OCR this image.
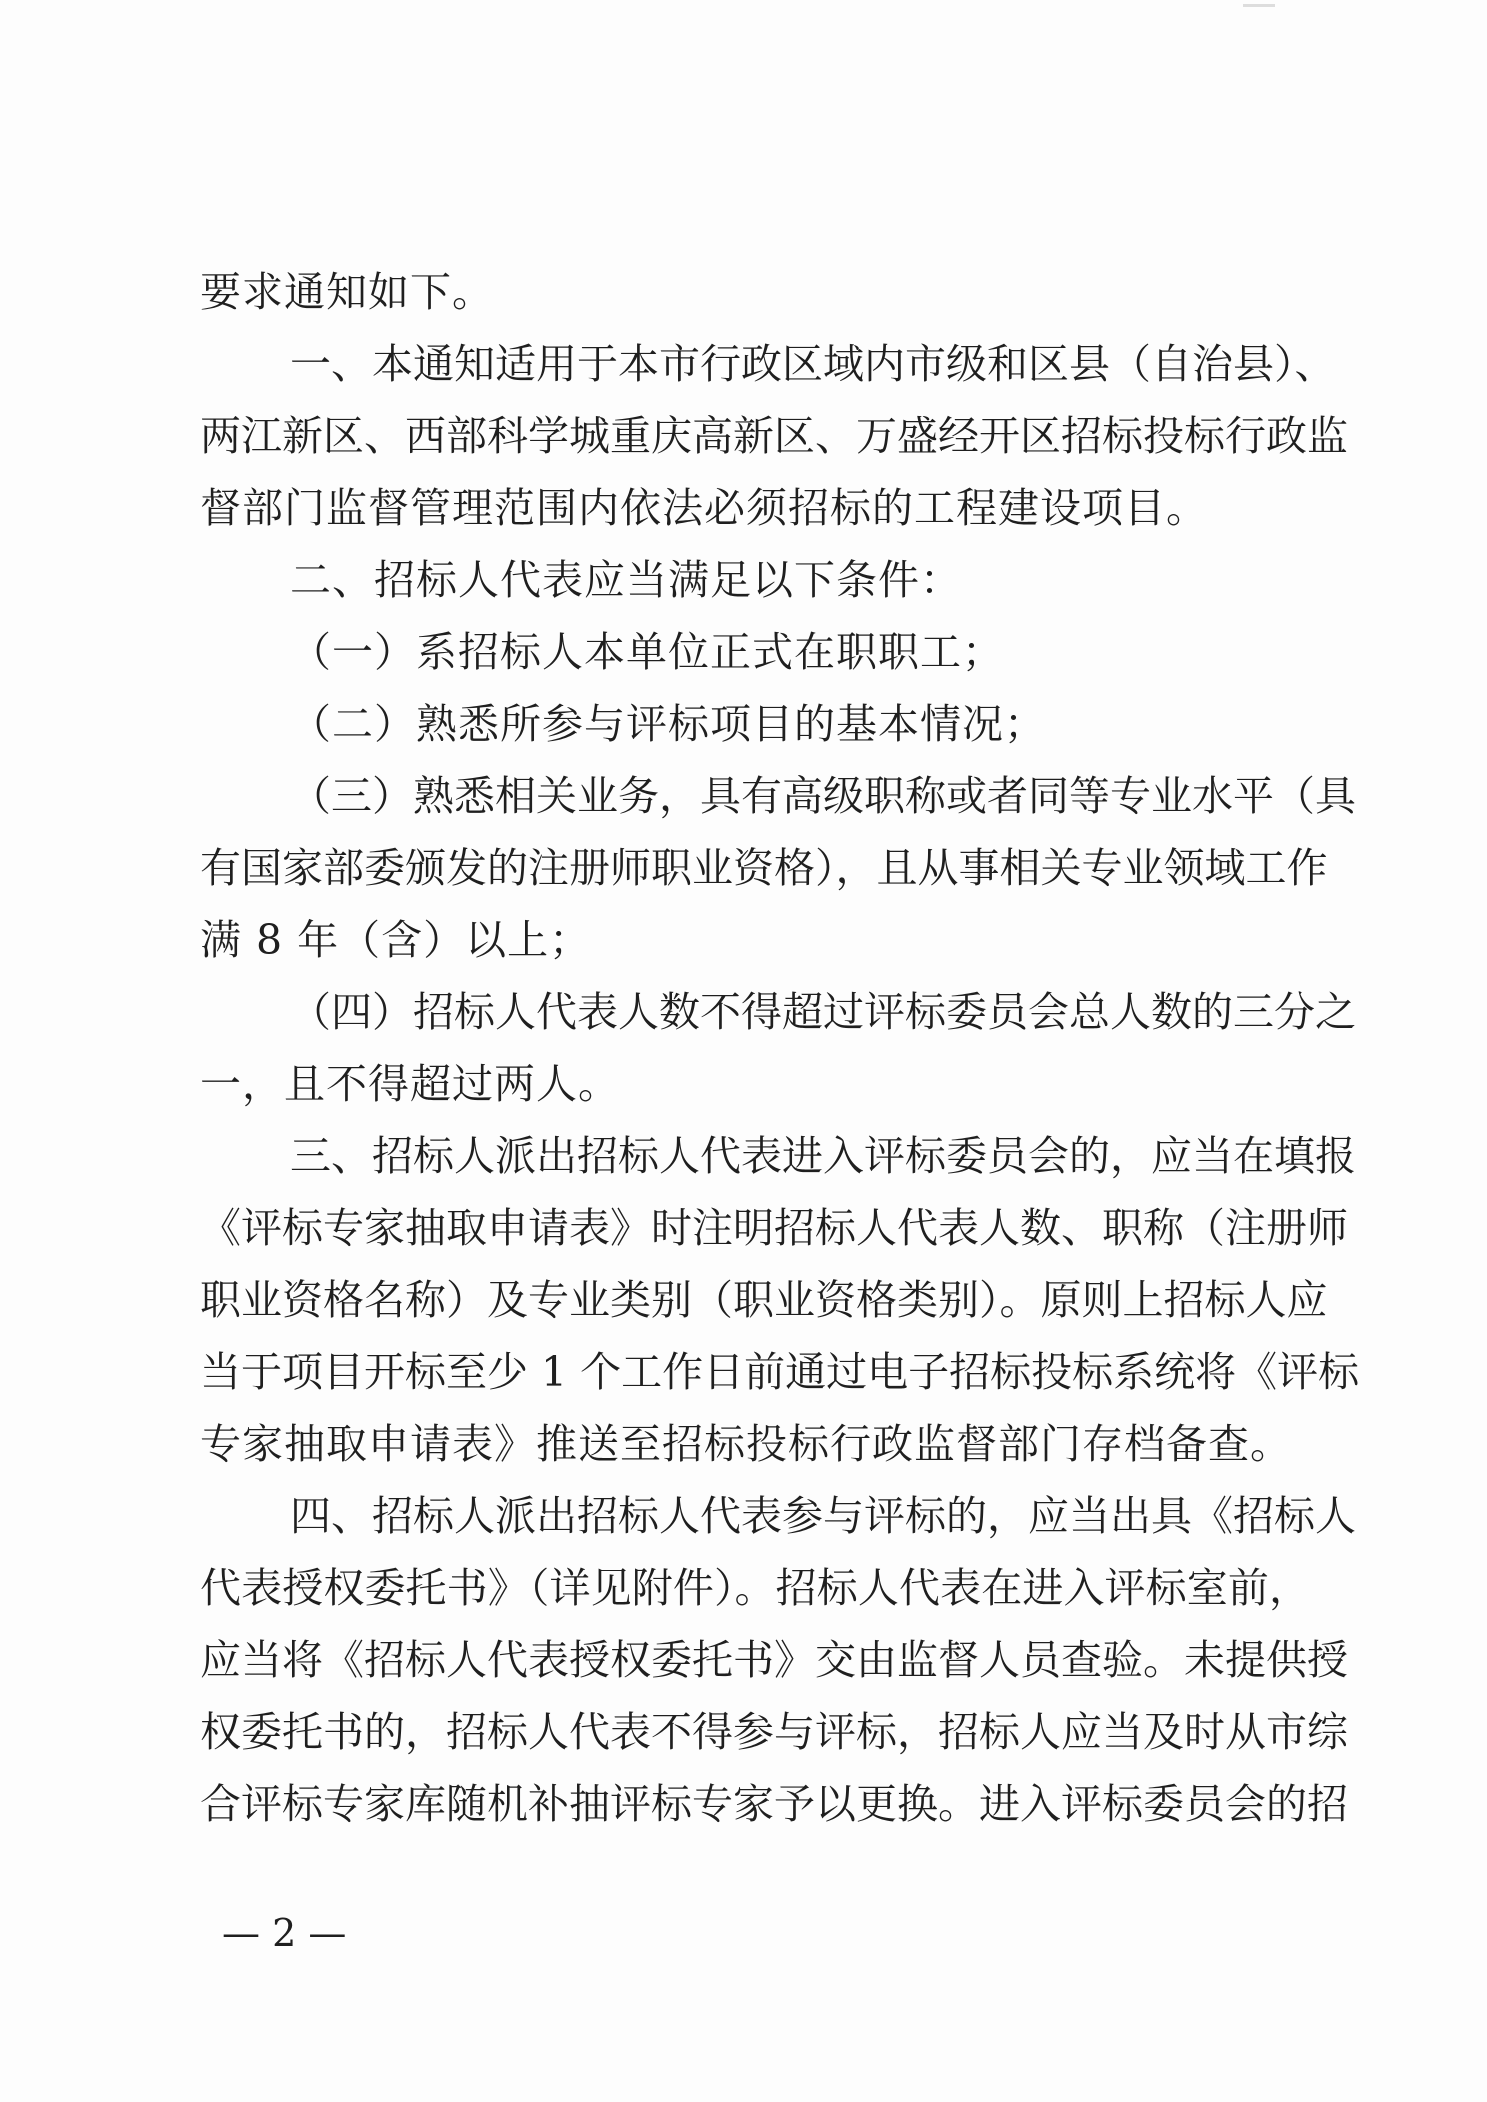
要求通知如下。
一、本通知适用于本市行政区域内市级和区县（自治县）、
两江新区、西部科学城重庆高新区、万盛经开区招标投标行政监
督部门监督管理范围内依法必须招标的工程建设项目。
二、招标人代表应当满足以下条件：
（一）系招标人本单位正式在职职工；
（二）熟悉所参与评标项目的基本情况；
（三）熟悉相关业务，具有高级职称或者同等专业水平（具
有国家部委颁发的注册师职业资格），且从事相关专业领域工作
满 8 年（含）以上；
（四）招标人代表人数不得超过评标委员会总人数的三分之
一，且不得超过两人。
三、招标人派出招标人代表进入评标委员会的，应当在填报
《评标专家抽取申请表》时注明招标人代表人数、职称（注册师
职业资格名称）及专业类别（职业资格类别）。原则上招标人应
当于项目开标至少 1 个工作日前通过电子招标投标系统将《评标
专家抽取申请表》推送至招标投标行政监督部门存档备查。
四、招标人派出招标人代表参与评标的，应当出具《招标人
代表授权委托书》（详见附件）。招标人代表在进入评标室前，
应当将《招标人代表授权委托书》交由监督人员查验。未提供授
权委托书的，招标人代表不得参与评标，招标人应当及时从市综
合评标专家库随机补抽评标专家予以更换。进入评标委员会的招
— 2 —
